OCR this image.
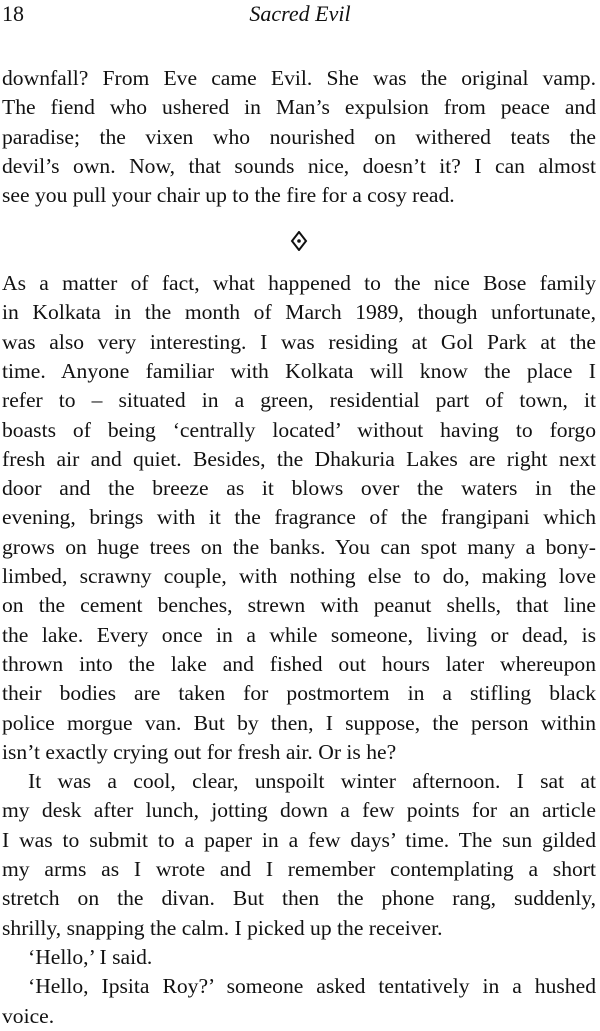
18	Sacred Evil
downfall? From Eve came Evil. She was the original vamp.
The fiend who ushered in Man’s expulsion from peace and
paradise; the vixen who nourished on withered teats the
devil’s own. Now, that sounds nice, doesn’t it? I can almost
see you pull your chair up to the fire for a cosy read.
As a matter of fact, what happened to the nice Bose family
in Kolkata in the month of March 1989, though unfortunate,
was also very interesting. I was residing at Gol Park at the
time. Anyone familiar with Kolkata will know the place I
refer to – situated in a green, residential part of town, it
boasts of being ‘centrally located’ without having to forgo
fresh air and quiet. Besides, the Dhakuria Lakes are right next
door and the breeze as it blows over the waters in the
evening, brings with it the fragrance of the frangipani which
grows on huge trees on the banks. You can spot many a bony-
limbed, scrawny couple, with nothing else to do, making love
on the cement benches, strewn with peanut shells, that line
the lake. Every once in a while someone, living or dead, is
thrown into the lake and fished out hours later whereupon
their bodies are taken for postmortem in a stifling black
police morgue van. But by then, I suppose, the person within
isn’t exactly crying out for fresh air. Or is he?
It was a cool, clear, unspoilt winter afternoon. I sat at
my desk after lunch, jotting down a few points for an article
I was to submit to a paper in a few days’ time. The sun gilded
my arms as I wrote and I remember contemplating a short
stretch on the divan. But then the phone rang, suddenly,
shrilly, snapping the calm. I picked up the receiver.
‘Hello,’ I said.
‘Hello, Ipsita Roy?’ someone asked tentatively in a hushed
voice.
